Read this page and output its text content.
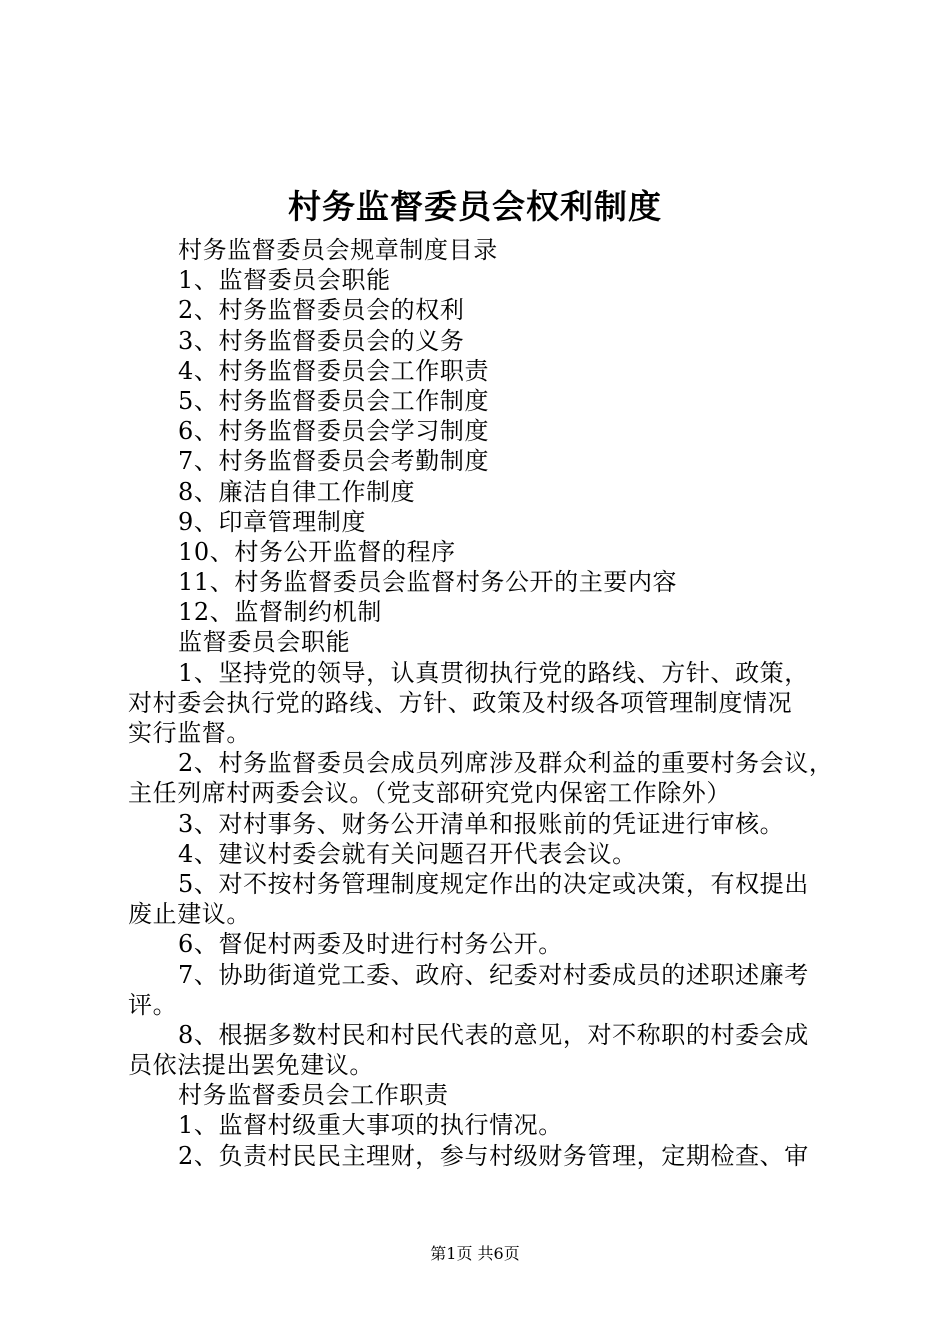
村务监督委员会权利制度
村务监督委员会规章制度目录
1、监督委员会职能
2、村务监督委员会的权利
3、村务监督委员会的义务
4、村务监督委员会工作职责
5、村务监督委员会工作制度
6、村务监督委员会学习制度
7、村务监督委员会考勤制度
8、廉洁自律工作制度
9、印章管理制度
10、村务公开监督的程序
11、村务监督委员会监督村务公开的主要内容
12、监督制约机制
监督委员会职能
1、坚持党的领导，认真贯彻执行党的路线、方针、政策，
对村委会执行党的路线、方针、政策及村级各项管理制度情况
实行监督。
2、村务监督委员会成员列席涉及群众利益的重要村务会议，
主任列席村两委会议。（党支部研究党内保密工作除外）
3、对村事务、财务公开清单和报账前的凭证进行审核。
4、建议村委会就有关问题召开代表会议。
5、对不按村务管理制度规定作出的决定或决策，有权提出
废止建议。
6、督促村两委及时进行村务公开。
7、协助街道党工委、政府、纪委对村委成员的述职述廉考
评。
8、根据多数村民和村民代表的意见，对不称职的村委会成
员依法提出罢免建议。
村务监督委员会工作职责
1、监督村级重大事项的执行情况。
2、负责村民民主理财，参与村级财务管理，定期检查、审
第1页 共6页
